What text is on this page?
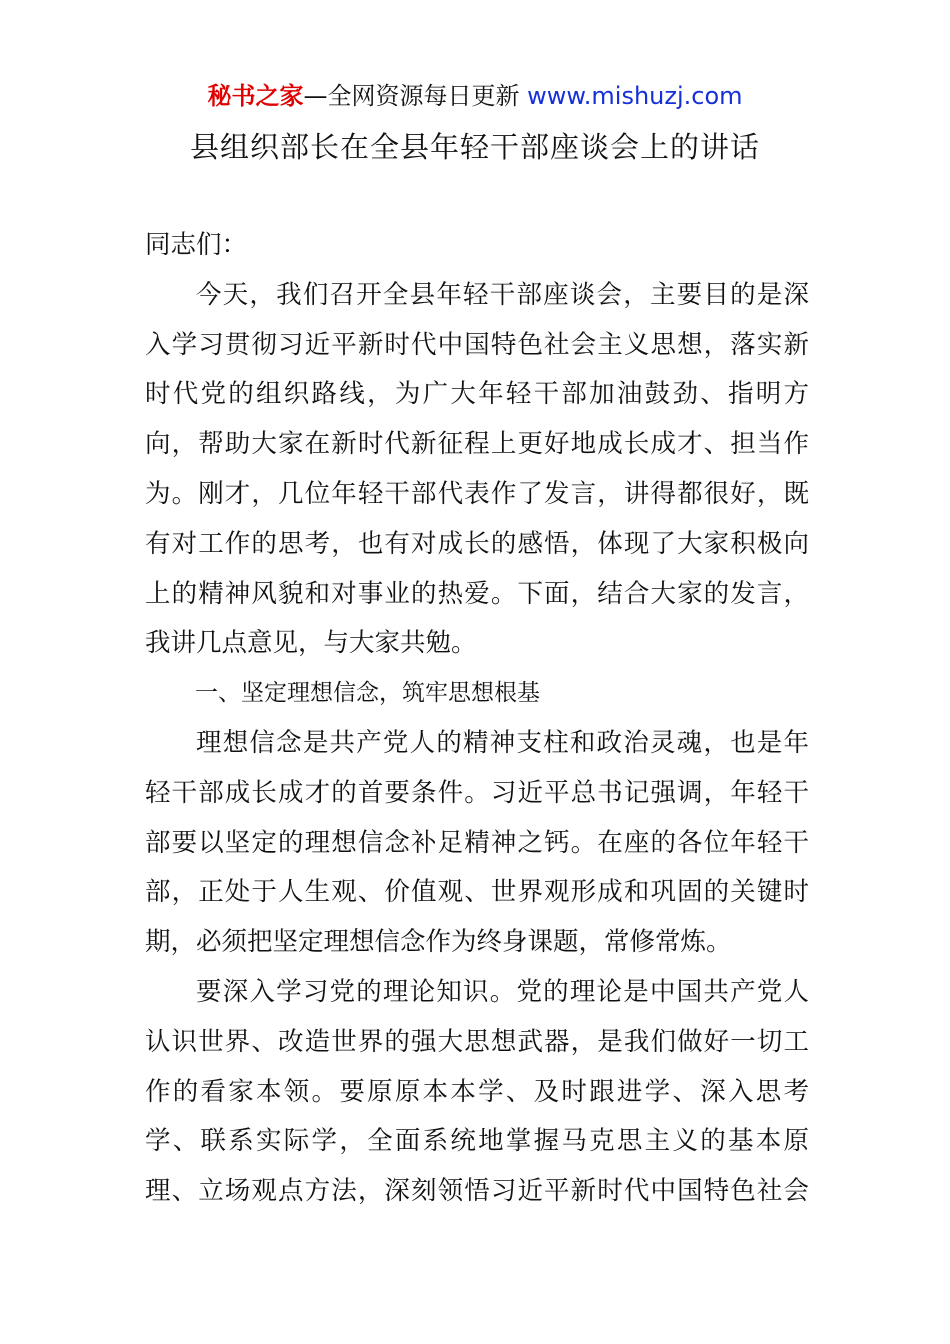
秘书之家—全网资源每日更新 www.mishuzj.com
县组织部长在全县年轻干部座谈会上的讲话
同志们：
今天，我们召开全县年轻干部座谈会，主要目的是深
入学习贯彻习近平新时代中国特色社会主义思想，落实新
时代党的组织路线，为广大年轻干部加油鼓劲、指明方
向，帮助大家在新时代新征程上更好地成长成才、担当作
为。刚才，几位年轻干部代表作了发言，讲得都很好，既
有对工作的思考，也有对成长的感悟，体现了大家积极向
上的精神风貌和对事业的热爱。下面，结合大家的发言，
我讲几点意见，与大家共勉。
一、坚定理想信念，筑牢思想根基
理想信念是共产党人的精神支柱和政治灵魂，也是年
轻干部成长成才的首要条件。习近平总书记强调，年轻干
部要以坚定的理想信念补足精神之钙。在座的各位年轻干
部，正处于人生观、价值观、世界观形成和巩固的关键时
期，必须把坚定理想信念作为终身课题，常修常炼。
要深入学习党的理论知识。党的理论是中国共产党人
认识世界、改造世界的强大思想武器，是我们做好一切工
作的看家本领。要原原本本学、及时跟进学、深入思考
学、联系实际学，全面系统地掌握马克思主义的基本原
理、立场观点方法，深刻领悟习近平新时代中国特色社会
